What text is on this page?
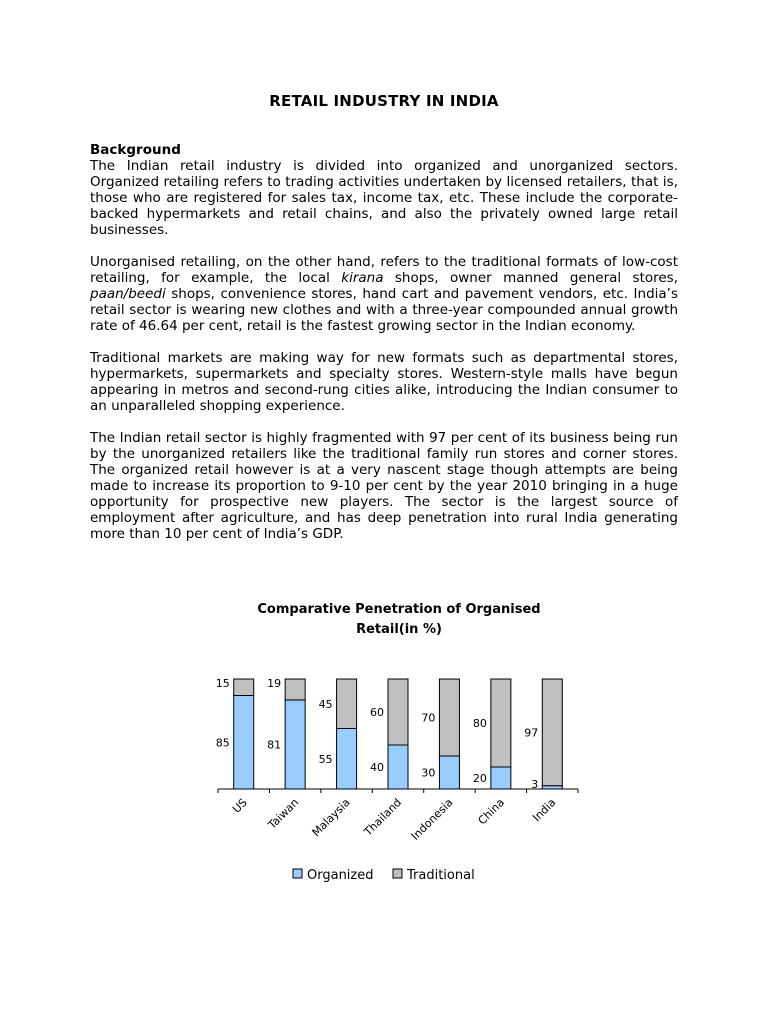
RETAIL INDUSTRY IN INDIA
Background

The Indian retail industry is divided into organized and unorganized sectors. Organized retailing refers to trading activities undertaken by licensed retailers, that is, those who are registered for sales tax, income tax, etc. These include the corporate-backed hypermarkets and retail chains, and also the privately owned large retail businesses.

Unorganised retailing, on the other hand, refers to the traditional formats of low-cost retailing, for example, the local kirana shops, owner manned general stores, paan/beedi shops, convenience stores, hand cart and pavement vendors, etc. India’s retail sector is wearing new clothes and with a three-year compounded annual growth rate of 46.64 per cent, retail is the fastest growing sector in the Indian economy.

Traditional markets are making way for new formats such as departmental stores, hypermarkets, supermarkets and specialty stores. Western-style malls have begun appearing in metros and second-rung cities alike, introducing the Indian consumer to an unparalleled shopping experience.

The Indian retail sector is highly fragmented with 97 per cent of its business being run by the unorganized retailers like the traditional family run stores and corner stores. The organized retail however is at a very nascent stage though attempts are being made to increase its proportion to 9-10 per cent by the year 2010 bringing in a huge opportunity for prospective new players. The sector is the largest source of employment after agriculture, and has deep penetration into rural India generating more than 10 per cent of India’s GDP.

Comparative Penetration of Organised
Retail(in %)
85
15
US
81
19
Taiwan
55
45
Malaysia
40
60
Thailand
30
70
Indonesia
20
80
China
3
97
India
Organized	Traditional
